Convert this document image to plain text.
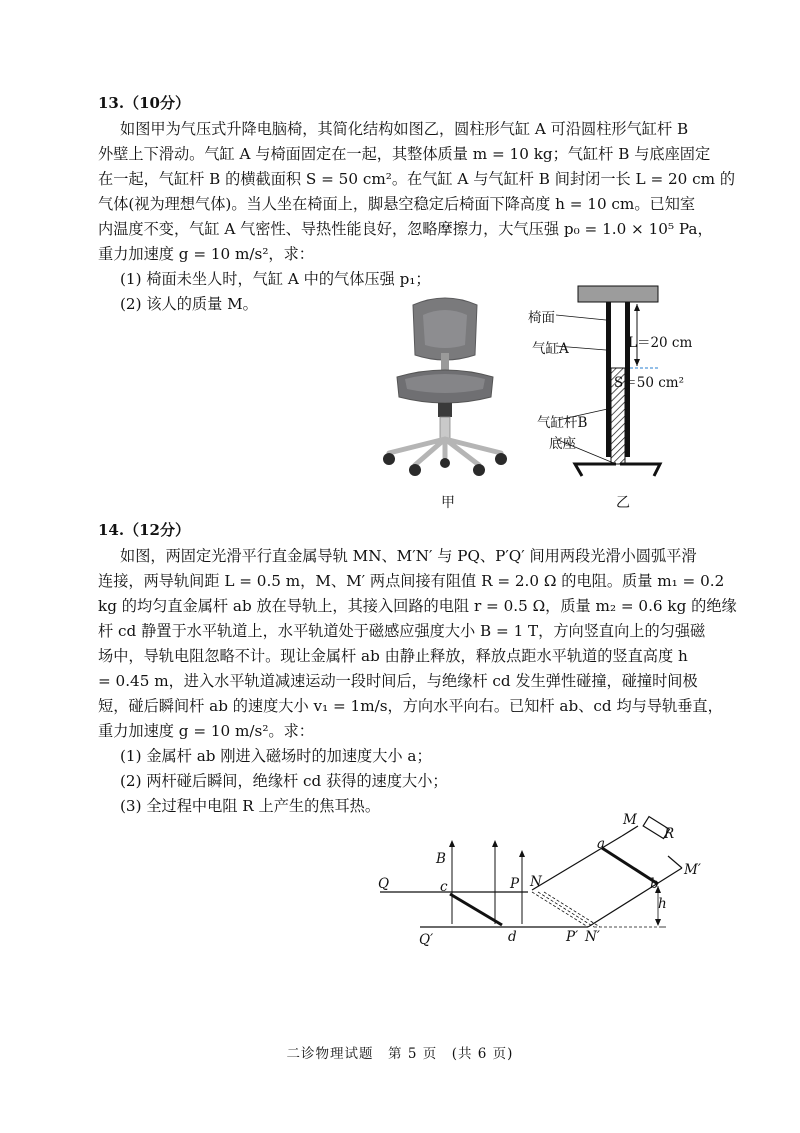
13.（10分）
如图甲为气压式升降电脑椅，其简化结构如图乙，圆柱形气缸 A 可沿圆柱形气缸杆 B
外壁上下滑动。气缸 A 与椅面固定在一起，其整体质量 m = 10 kg；气缸杆 B 与底座固定
在一起，气缸杆 B 的横截面积 S = 50 cm²。在气缸 A 与气缸杆 B 间封闭一长 L = 20 cm 的
气体(视为理想气体)。当人坐在椅面上，脚悬空稳定后椅面下降高度 h = 10 cm。已知室
内温度不变，气缸 A 气密性、导热性能良好，忽略摩擦力，大气压强 p₀ = 1.0 × 10⁵ Pa，
重力加速度 g = 10 m/s²，求：
(1) 椅面未坐人时，气缸 A 中的气体压强 p₁；
(2) 该人的质量 M。
甲
椅面
气缸A	L＝20 cm
S＝50 cm²
气缸杆B
底座
乙
14.（12分）
如图，两固定光滑平行直金属导轨 MN、M′N′ 与 PQ、P′Q′ 间用两段光滑小圆弧平滑
连接，两导轨间距 L = 0.5 m，M、M′ 两点间接有阻值 R = 2.0 Ω 的电阻。质量 m₁ = 0.2
kg 的均匀直金属杆 ab 放在导轨上，其接入回路的电阻 r = 0.5 Ω，质量 m₂ = 0.6 kg 的绝缘
杆 cd 静置于水平轨道上，水平轨道处于磁感应强度大小 B = 1 T，方向竖直向上的匀强磁
场中，导轨电阻忽略不计。现让金属杆 ab 由静止释放，释放点距水平轨道的竖直高度 h
= 0.45 m，进入水平轨道减速运动一段时间后，与绝缘杆 cd 发生弹性碰撞，碰撞时间极
短，碰后瞬间杆 ab 的速度大小 v₁ = 1m/s，方向水平向右。已知杆 ab、cd 均与导轨垂直，
重力加速度 g = 10 m/s²。求：
(1) 金属杆 ab 刚进入磁场时的加速度大小 a；
(2) 两杆碰后瞬间，绝缘杆 cd 获得的速度大小；
(3) 全过程中电阻 R 上产生的焦耳热。
M
R
a
b
M′
h
B
Q	c	P N
Q′	d	P′ N′
二诊物理试题　第 5 页　(共 6 页)
